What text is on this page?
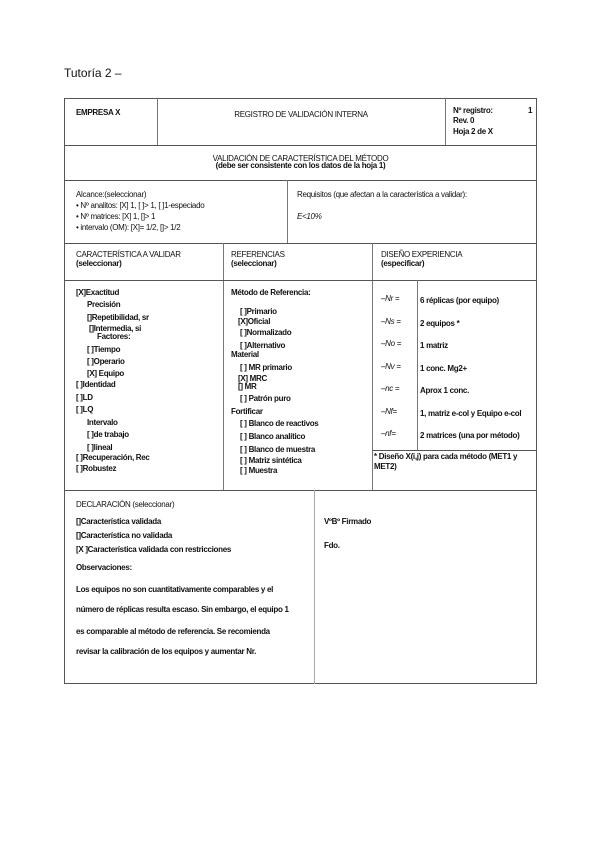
Tutoría 2 –
EMPRESA X	REGISTRO DE VALIDACIÓN INTERNA	Nº registro:	1
Rev. 0
Hoja 2 de X
VALIDACIÓN DE CARACTERÍSTICA DEL MÉTODO
(debe ser consistente con los datos de la hoja 1)
Alcance:(seleccionar)
• Nº analitos: [X] 1, [ ]> 1, [ ]1-especiado
• Nº matrices: [X] 1, []> 1
• intervalo (OM): [X]= 1/2, []> 1/2
Requisitos (que afectan a la característica a validar):
E<10%
CARACTERÍSTICA A VALIDAR
(seleccionar)
REFERENCIAS
(seleccionar)
DISEÑO EXPERIENCIA
(especificar)
* Diseño X(i,j) para cada método (MET1 y MET2)
DECLARACIÓN (seleccionar)
[]Característica validada
[]Característica no validada
[X ]Característica validada con restricciones
Observaciones:
Los equipos no son cuantitativamente comparables y el
número de réplicas resulta escaso. Sin embargo, el equipo 1
es comparable al método de referencia. Se recomienda
revisar la calibración de los equipos y aumentar Nr.
VºBº Firmado
Fdo.
[X]Exactitud
Precisión
[]Repetibilidad, sr
[]Intermedia, si
Factores:
[ ]Tiempo
[ ]Operario
[X] Equipo
[ ]Identidad
[ ]LD
[ ]LQ
Intervalo
[ ]de trabajo
[ ]lineal
[ ]Recuperación, Rec
[ ]Robustez
Método de Referencia:
[ ]Primario
[X]Oficial
[ ]Normalizado
[ ]Alternativo
Material
[ ] MR primario
[X] MRC
[] MR
[ ] Patrón puro
Fortificar
[ ] Blanco de reactivos
[ ] Blanco analítico
[ ] Blanco de muestra
[ ] Matriz sintética
[ ] Muestra
–Nr =	6 réplicas (por equipo)
–Ns = 2 equipos *
–No = 1 matriz
–Nv = 1 conc. Mg2+
–nc =	Aprox 1 conc.
–Nf=	1, matriz e-col y Equipo e-col
–nf=	2 matrices (una por método)
